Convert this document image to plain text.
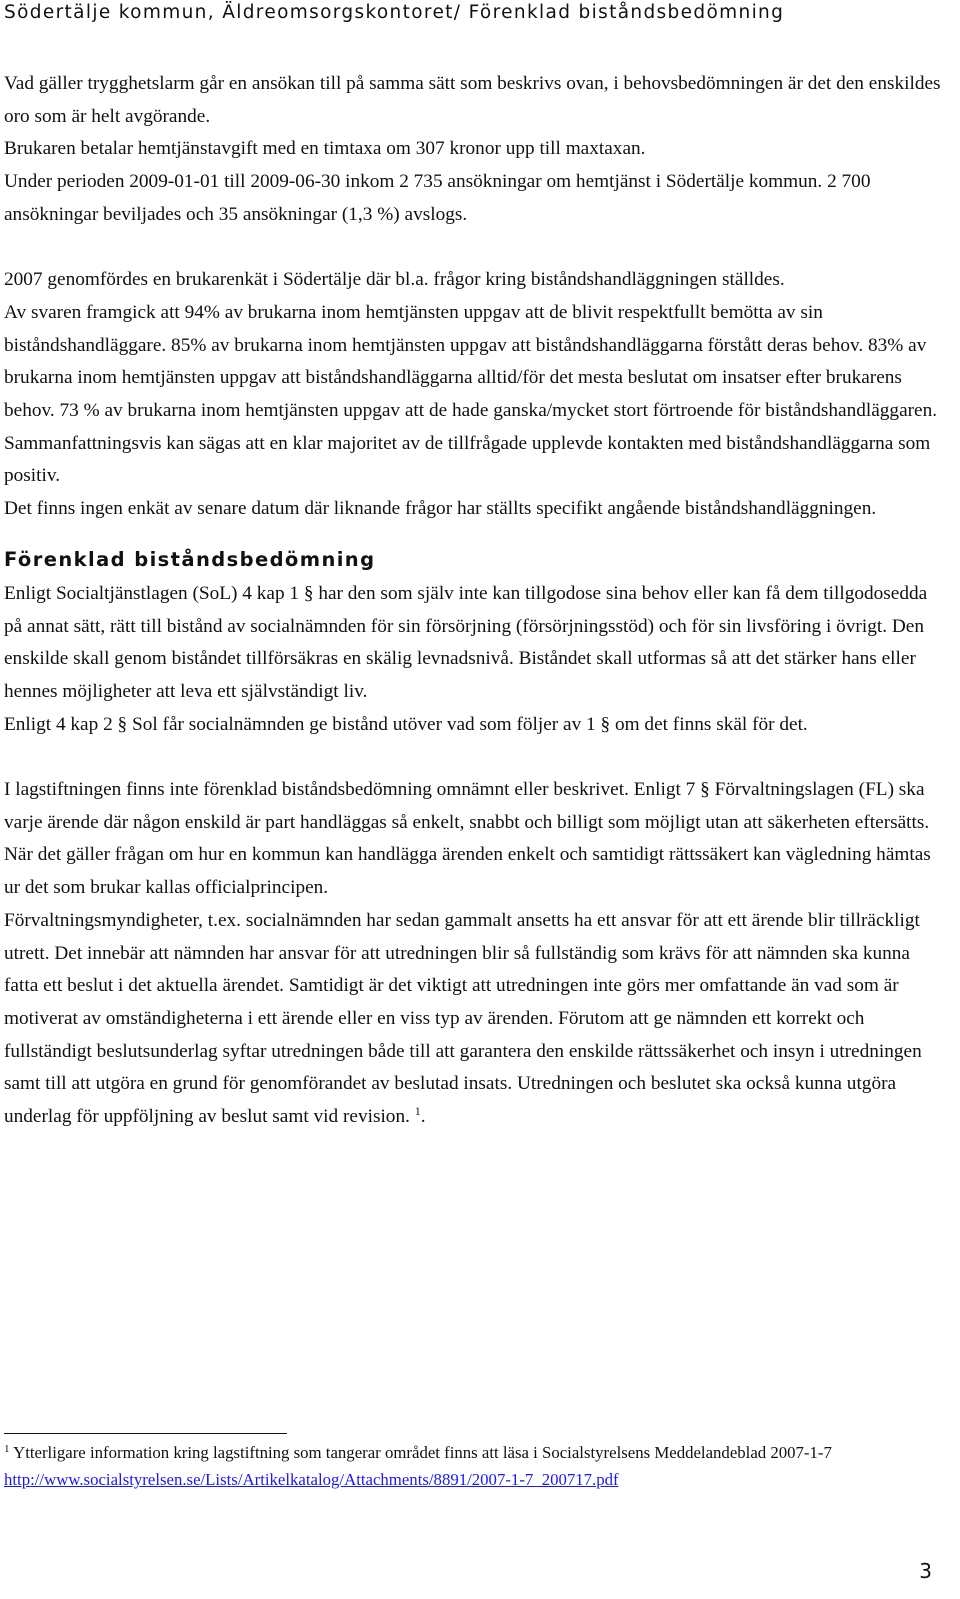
Södertälje kommun, Äldreomsorgskontoret/ Förenklad biståndsbedömning

Vad gäller trygghetslarm går en ansökan till på samma sätt som beskrivs ovan, i behovsbedömningen är det den enskildes oro som är helt avgörande.

Brukaren betalar hemtjänstavgift med en timtaxa om 307 kronor upp till maxtaxan.

Under perioden 2009-01-01 till 2009-06-30 inkom 2 735 ansökningar om hemtjänst i Södertälje kommun. 2 700 ansökningar beviljades och 35 ansökningar (1,3 %) avslogs.

2007 genomfördes en brukarenkät i Södertälje där bl.a. frågor kring biståndshandläggningen ställdes.

Av svaren framgick att 94% av brukarna inom hemtjänsten uppgav att de blivit respektfullt bemötta av sin biståndshandläggare. 85% av brukarna inom hemtjänsten uppgav att biståndshandläggarna förstått deras behov. 83% av brukarna inom hemtjänsten uppgav att biståndshandläggarna alltid/för det mesta beslutat om insatser efter brukarens behov. 73 % av brukarna inom hemtjänsten uppgav att de hade ganska/mycket stort förtroende för biståndshandläggaren. Sammanfattningsvis kan sägas att en klar majoritet av de tillfrågade upplevde kontakten med biståndshandläggarna som positiv.

Det finns ingen enkät av senare datum där liknande frågor har ställts specifikt angående biståndshandläggningen.

Förenklad biståndsbedömning

Enligt Socialtjänstlagen (SoL) 4 kap 1 § har den som själv inte kan tillgodose sina behov eller kan få dem tillgodosedda på annat sätt, rätt till bistånd av socialnämnden för sin försörjning (försörjningsstöd) och för sin livsföring i övrigt. Den enskilde skall genom biståndet tillförsäkras en skälig levnadsnivå. Biståndet skall utformas så att det stärker hans eller hennes möjligheter att leva ett självständigt liv.

Enligt 4 kap 2 § Sol får socialnämnden ge bistånd utöver vad som följer av 1 § om det finns skäl för det.

I lagstiftningen finns inte förenklad biståndsbedömning omnämnt eller beskrivet. Enligt 7 § Förvaltningslagen (FL) ska varje ärende där någon enskild är part handläggas så enkelt, snabbt och billigt som möjligt utan att säkerheten eftersätts. När det gäller frågan om hur en kommun kan handlägga ärenden enkelt och samtidigt rättssäkert kan vägledning hämtas ur det som brukar kallas officialprincipen.

Förvaltningsmyndigheter, t.ex. socialnämnden har sedan gammalt ansetts ha ett ansvar för att ett ärende blir tillräckligt utrett. Det innebär att nämnden har ansvar för att utredningen blir så fullständig som krävs för att nämnden ska kunna fatta ett beslut i det aktuella ärendet. Samtidigt är det viktigt att utredningen inte görs mer omfattande än vad som är motiverat av omständigheterna i ett ärende eller en viss typ av ärenden. Förutom att ge nämnden ett korrekt och fullständigt beslutsunderlag syftar utredningen både till att garantera den enskilde rättssäkerhet och insyn i utredningen samt till att utgöra en grund för genomförandet av beslutad insats. Utredningen och beslutet ska också kunna utgöra underlag för uppföljning av beslut samt vid revision. $^1$.

$^1$ Ytterligare information kring lagstiftning som tangerar området finns att läsa i Socialstyrelsens Meddelandeblad 2007-1-7 http://www.socialstyrelsen.se/Lists/Artikelkatalog/Attachments/8891/2007-1-7_200717.pdf

3
